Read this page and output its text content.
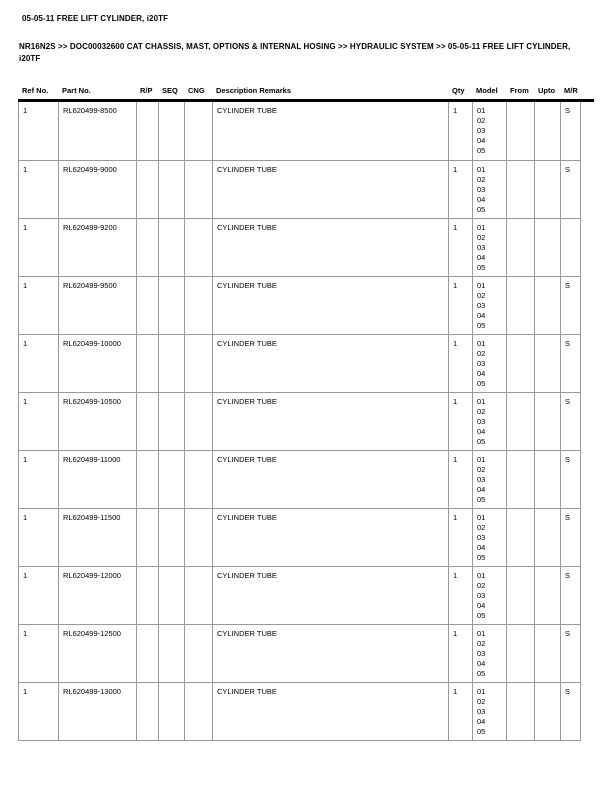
05-05-11 FREE LIFT CYLINDER, i20TF
NR16N2S >> DOC00032600 CAT CHASSIS, MAST, OPTIONS & INTERNAL HOSING >> HYDRAULIC SYSTEM >> 05-05-11 FREE LIFT CYLINDER, i20TF
Ref No.	Part No.	R/P	SEQ	CNG	Description Remarks	Qty	Model	From	Upto	M/R
1	RL620499-8500				CYLINDER TUBE	1	01
02
03
04
05			S
1	RL620499-9000				CYLINDER TUBE	1	01
02
03
04
05			S
1	RL620499-9200				CYLINDER TUBE	1	01
02
03
04
05			

1	RL620499-9500				CYLINDER TUBE	1	01
02
03
04
05			S
1	RL620499-10000				CYLINDER TUBE	1	01
02
03
04
05			S
1	RL620499-10500				CYLINDER TUBE	1	01
02
03
04
05			S
1	RL620499-11000				CYLINDER TUBE	1	01
02
03
04
05			S
1	RL620499-11500				CYLINDER TUBE	1	01
02
03
04
05			S
1	RL620499-12000				CYLINDER TUBE	1	01
02
03
04
05			S
1	RL620499-12500				CYLINDER TUBE	1	01
02
03
04
05			S
1	RL620499-13000				CYLINDER TUBE	1	01
02
03
04
05			S
